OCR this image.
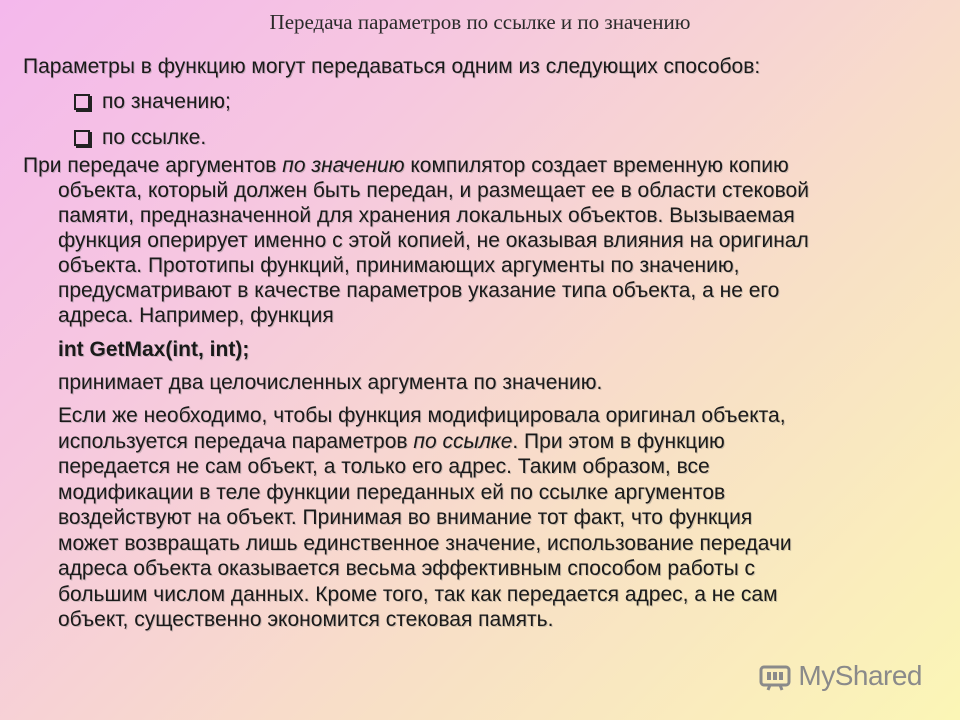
Передача параметров по ссылке и по значению
Параметры в функцию могут передаваться одним из следующих способов:
по значению;
по ссылке.
При передаче аргументов по значению компилятор создает временную копию
объекта, который должен быть передан, и размещает ее в области стековой
памяти, предназначенной для хранения локальных объектов. Вызываемая
функция оперирует именно с этой копией, не оказывая влияния на оригинал
объекта. Прототипы функций, принимающих аргументы по значению,
предусматривают в качестве параметров указание типа объекта, а не его
адреса. Например, функция
int GetMax(int, int);
принимает два целочисленных аргумента по значению.
Если же необходимо, чтобы функция модифицировала оригинал объекта,
используется передача параметров по ссылке. При этом в функцию
передается не сам объект, а только его адрес. Таким образом, все
модификации в теле функции переданных ей по ссылке аргументов
воздействуют на объект. Принимая во внимание тот факт, что функция
может возвращать лишь единственное значение, использование передачи
адреса объекта оказывается весьма эффективным способом работы с
большим числом данных. Кроме того, так как передается адрес, а не сам
объект, существенно экономится стековая память.
MyShared
